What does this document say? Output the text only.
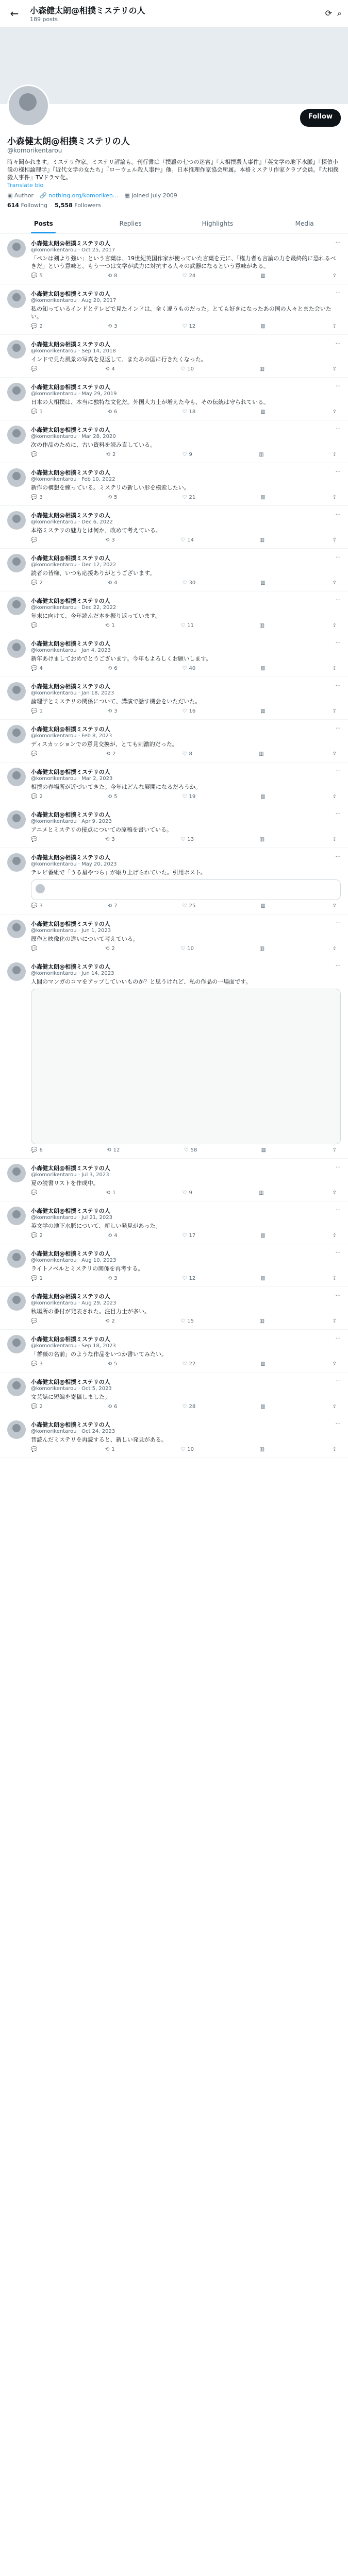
←	小森健太朗@相撲ミステリの人
189 posts
⟳ ⌕
Follow
小森健太朗@相撲ミステリの人
@komorikentarou
時々聞かれます。ミステリ作家。ミステリ評論も。刊行書は『撲殺の七つの迷宮』『大相撲殺人事件』『英文学の地下水脈』『探偵小説の様相論理学』『近代文学の女たち』『ローウェル殺人事件』他。日本推理作家協会所属。本格ミステリ作家クラブ会員。『大相撲殺人事件』TVドラマ化。
Translate bio
▣ Author 🔗 nothing.org/komoriken... ▦ Joined July 2009
614 Following 5,558 Followers
Posts	Replies	Highlights	Media
小森健太朗@相撲ミステリの人
@komorikentarou · Oct 25, 2017
···
「ペンは剣より強い」という言葉は、19世紀英国作家が使っていた言葉を元に、「権力者も言論の力を最終的に恐れるべきだ」という意味と、もう一つは文学が武力に対抗する人々の武器になるという意味がある。
💬 5	⟲ 8	♡ 24	▥	⇪
小森健太朗@相撲ミステリの人
@komorikentarou · Aug 20, 2017
···
私の知っているインドとテレビで見たインドは、全く違うものだった。とても好きになったあの国の人々とまた会いたい。
💬 2	⟲ 3	♡ 12	▥	⇪
小森健太朗@相撲ミステリの人
@komorikentarou · Sep 14, 2018
···
インドで見た風景の写真を見返して、またあの国に行きたくなった。
💬	⟲ 4	♡ 10	▥	⇪
小森健太朗@相撲ミステリの人
@komorikentarou · May 29, 2019
···
日本の大相撲は、本当に独特な文化だ。外国人力士が増えた今も、その伝統は守られている。
💬 1	⟲ 6	♡ 18	▥	⇪
小森健太朗@相撲ミステリの人
@komorikentarou · Mar 28, 2020
···
次の作品のために、古い資料を読み直している。
💬	⟲ 2	♡ 9	▥	⇪
小森健太朗@相撲ミステリの人
@komorikentarou · Feb 10, 2022
···
新作の構想を練っている。ミステリの新しい形を模索したい。
💬 3	⟲ 5	♡ 21	▥	⇪
小森健太朗@相撲ミステリの人
@komorikentarou · Dec 6, 2022
···
本格ミステリの魅力とは何か、改めて考えている。
💬	⟲ 3	♡ 14	▥	⇪
小森健太朗@相撲ミステリの人
@komorikentarou · Dec 12, 2022
···
読者の皆様、いつも応援ありがとうございます。
💬 2	⟲ 4	♡ 30	▥	⇪
小森健太朗@相撲ミステリの人
@komorikentarou · Dec 22, 2022
···
年末に向けて、今年読んだ本を振り返っています。
💬	⟲ 1	♡ 11	▥	⇪
小森健太朗@相撲ミステリの人
@komorikentarou · Jan 4, 2023
···
新年あけましておめでとうございます。今年もよろしくお願いします。
💬 4	⟲ 6	♡ 40	▥	⇪
小森健太朗@相撲ミステリの人
@komorikentarou · Jan 18, 2023
···
論理学とミステリの関係について、講演で話す機会をいただいた。
💬 1	⟲ 3	♡ 16	▥	⇪
小森健太朗@相撲ミステリの人
@komorikentarou · Feb 8, 2023
···
ディスカッションでの意見交換が、とても刺激的だった。
💬	⟲ 2	♡ 8	▥	⇪
小森健太朗@相撲ミステリの人
@komorikentarou · Mar 2, 2023
···
相撲の春場所が近づいてきた。今年はどんな展開になるだろうか。
💬 2	⟲ 5	♡ 19	▥	⇪
小森健太朗@相撲ミステリの人
@komorikentarou · Apr 9, 2023
···
アニメとミステリの接点についての原稿を書いている。
💬	⟲ 3	♡ 13	▥	⇪
小森健太朗@相撲ミステリの人
@komorikentarou · May 20, 2023
···
テレビ番組で「うる星やつら」が取り上げられていた。引用ポスト。
💬 3	⟲ 7	♡ 25	▥	⇪
小森健太朗@相撲ミステリの人
@komorikentarou · Jun 1, 2023
···
原作と映像化の違いについて考えている。
💬	⟲ 2	♡ 10	▥	⇪
小森健太朗@相撲ミステリの人
@komorikentarou · Jun 14, 2023
···
人間のマンガのコマをアップしていいものか？と思うけれど、私の作品の一場面です。
💬 6	⟲ 12	♡ 58	▥	⇪
小森健太朗@相撲ミステリの人
@komorikentarou · Jul 3, 2023
···
夏の読書リストを作成中。
💬	⟲ 1	♡ 9	▥	⇪
小森健太朗@相撲ミステリの人
@komorikentarou · Jul 21, 2023
···
英文学の地下水脈について、新しい発見があった。
💬 2	⟲ 4	♡ 17	▥	⇪
小森健太朗@相撲ミステリの人
@komorikentarou · Aug 10, 2023
···
ライトノベルとミステリの関係を再考する。
💬 1	⟲ 3	♡ 12	▥	⇪
小森健太朗@相撲ミステリの人
@komorikentarou · Aug 29, 2023
···
秋場所の番付が発表された。注目力士が多い。
💬	⟲ 2	♡ 15	▥	⇪
小森健太朗@相撲ミステリの人
@komorikentarou · Sep 18, 2023
···
「薔薇の名前」のような作品をいつか書いてみたい。
💬 3	⟲ 5	♡ 22	▥	⇪
小森健太朗@相撲ミステリの人
@komorikentarou · Oct 5, 2023
···
文芸誌に短編を寄稿しました。
💬 2	⟲ 6	♡ 28	▥	⇪
小森健太朗@相撲ミステリの人
@komorikentarou · Oct 24, 2023
···
昔読んだミステリを再読すると、新しい発見がある。
💬	⟲ 1	♡ 10	▥	⇪
